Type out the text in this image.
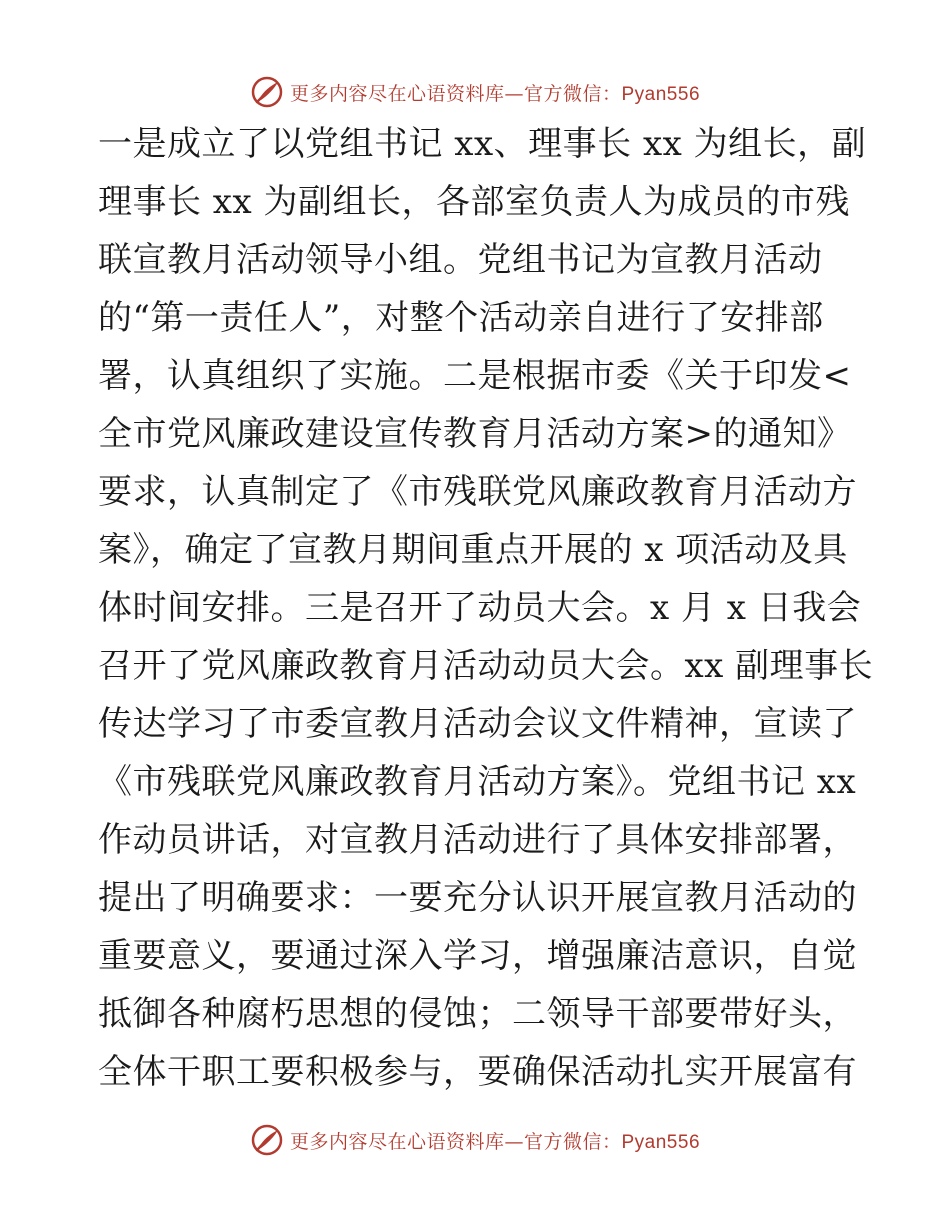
更多内容尽在心语资料库—官方微信：Pyan556
一是成立了以党组书记 xx、理事长 xx 为组长，副
理事长 xx 为副组长，各部室负责人为成员的市残
联宣教月活动领导小组。党组书记为宣教月活动
的“第一责任人”，对整个活动亲自进行了安排部
署，认真组织了实施。二是根据市委《关于印发<
全市党风廉政建设宣传教育月活动方案>的通知》
要求，认真制定了《市残联党风廉政教育月活动方
案》，确定了宣教月期间重点开展的 x 项活动及具
体时间安排。三是召开了动员大会。x 月 x 日我会
召开了党风廉政教育月活动动员大会。xx 副理事长
传达学习了市委宣教月活动会议文件精神，宣读了
《市残联党风廉政教育月活动方案》。党组书记 xx
作动员讲话，对宣教月活动进行了具体安排部署，
提出了明确要求：一要充分认识开展宣教月活动的
重要意义，要通过深入学习，增强廉洁意识，自觉
抵御各种腐朽思想的侵蚀；二领导干部要带好头，
全体干职工要积极参与，要确保活动扎实开展富有
更多内容尽在心语资料库—官方微信：Pyan556
